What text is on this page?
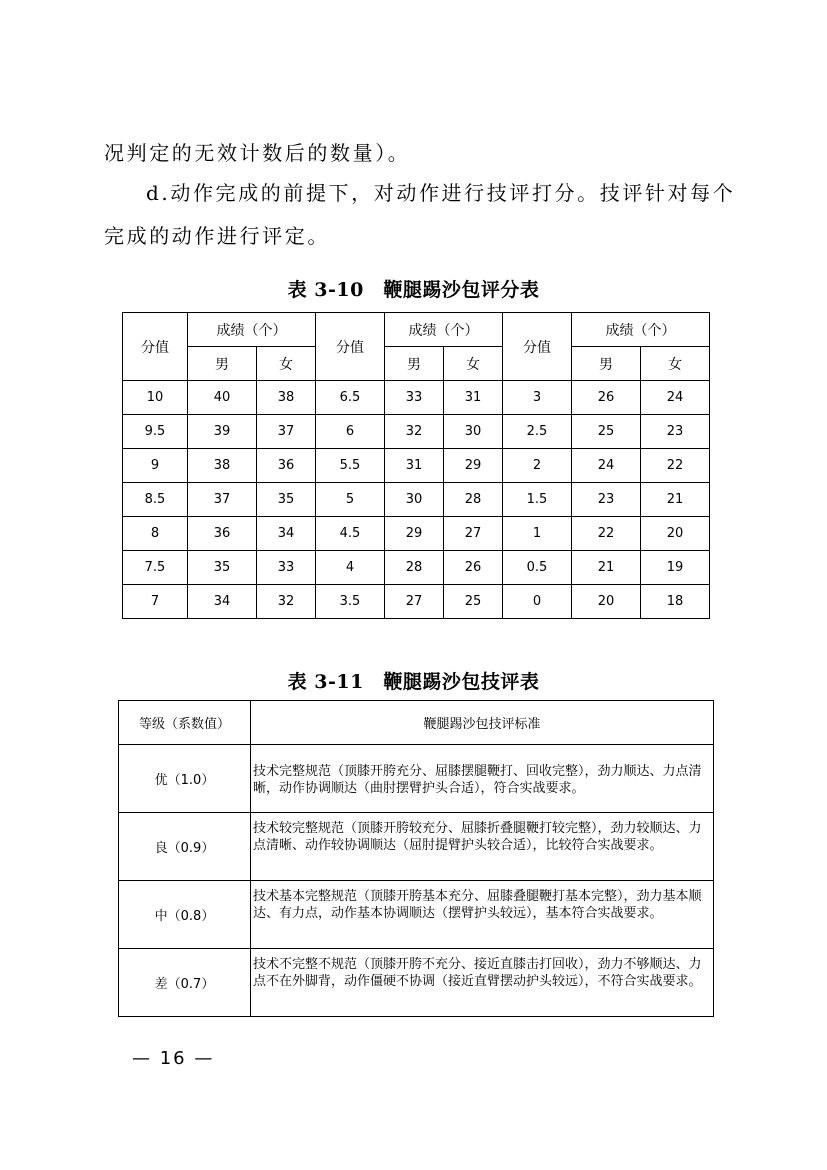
况判定的无效计数后的数量）。
d.动作完成的前提下，对动作进行技评打分。技评针对每个
完成的动作进行评定。
表 3-10　鞭腿踢沙包评分表
分值	成绩（个）		分值	成绩（个）		分值	成绩（个）	
	男	女		男	女		男	女
10	40	38	6.5	33	31	3	26	24
9.5	39	37	6	32	30	2.5	25	23
9	38	36	5.5	31	29	2	24	22
8.5	37	35	5	30	28	1.5	23	21
8	36	34	4.5	29	27	1	22	20
7.5	35	33	4	28	26	0.5	21	19
7	34	32	3.5	27	25	0	20	18
表 3-11　鞭腿踢沙包技评表
等级（系数值）	鞭腿踢沙包技评标准
优（1.0）	技术完整规范（顶膝开胯充分、屈膝摆腿鞭打、回收完整），劲力顺达、力点清晰，动作协调顺达（曲肘摆臂护头合适），符合实战要求。
良（0.9）	技术较完整规范（顶膝开胯较充分、屈膝折叠腿鞭打较完整），劲力较顺达、力点清晰、动作较协调顺达（屈肘提臂护头较合适），比较符合实战要求。
中（0.8）	技术基本完整规范（顶膝开胯基本充分、屈膝叠腿鞭打基本完整），劲力基本顺达、有力点，动作基本协调顺达（摆臂护头较远），基本符合实战要求。
差（0.7）	技术不完整不规范（顶膝开胯不充分、接近直膝击打回收），劲力不够顺达、力点不在外脚背，动作僵硬不协调（接近直臂摆动护头较远），不符合实战要求。
— 16 —
